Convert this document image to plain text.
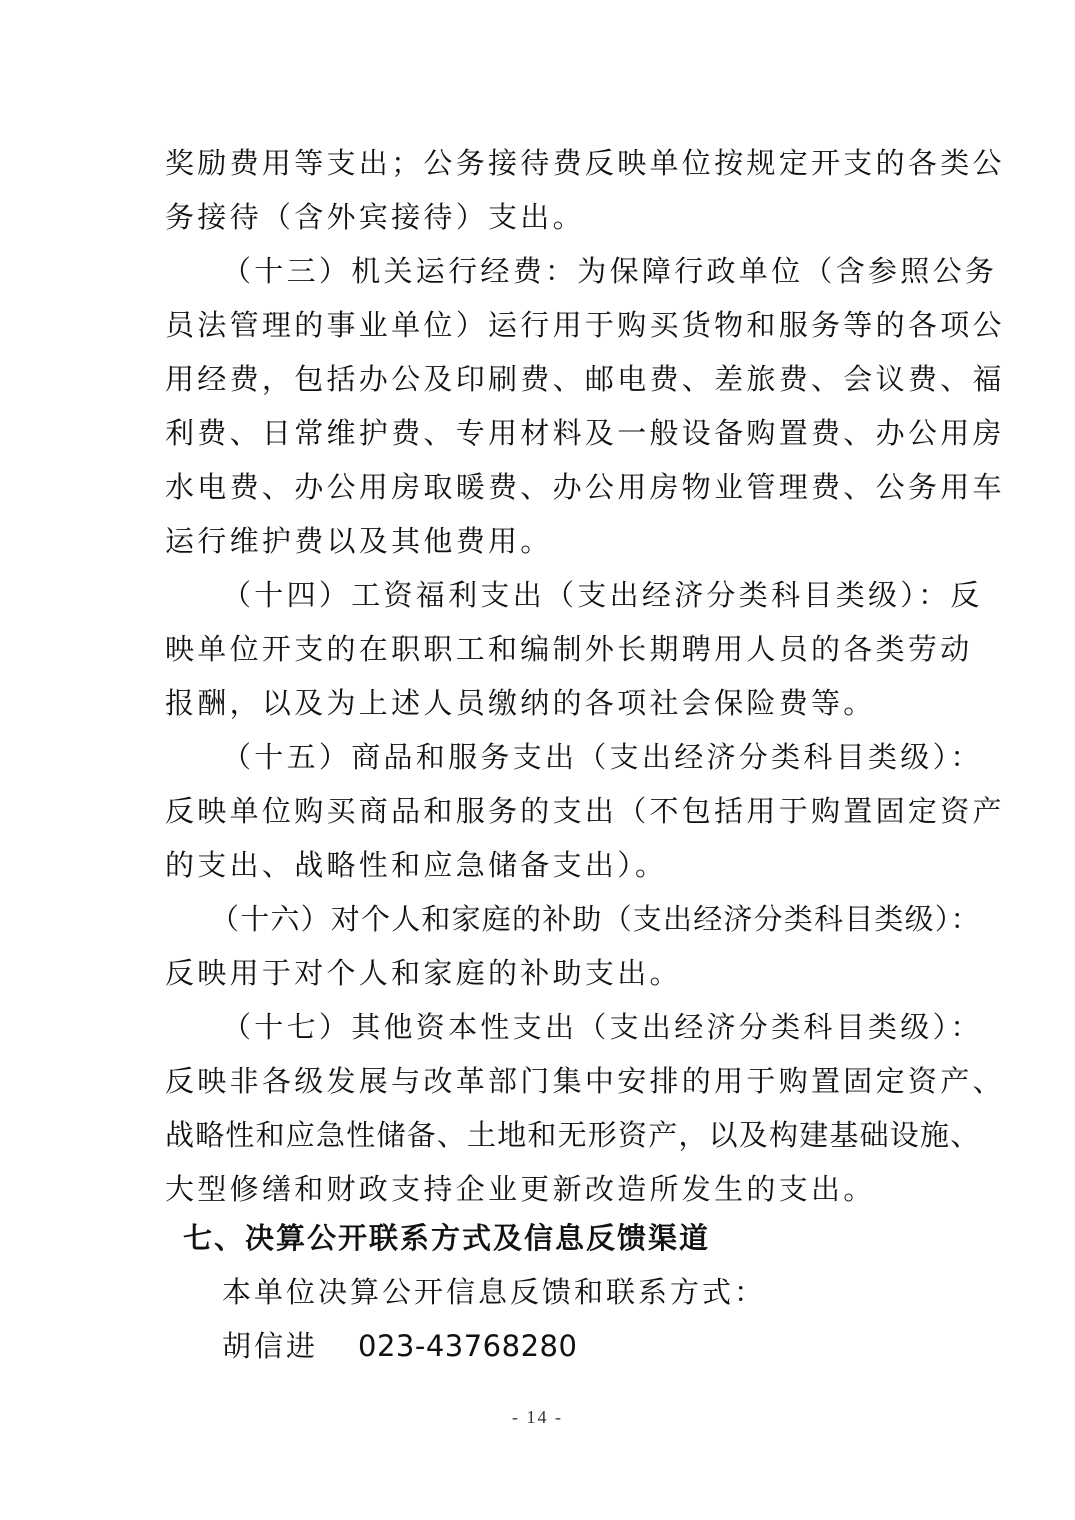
奖励费用等支出；公务接待费反映单位按规定开支的各类公
务接待（含外宾接待）支出。
（十三）机关运行经费：为保障行政单位（含参照公务
员法管理的事业单位）运行用于购买货物和服务等的各项公
用经费，包括办公及印刷费、邮电费、差旅费、会议费、福
利费、日常维护费、专用材料及一般设备购置费、办公用房
水电费、办公用房取暖费、办公用房物业管理费、公务用车
运行维护费以及其他费用。
（十四）工资福利支出（支出经济分类科目类级）：反
映单位开支的在职职工和编制外长期聘用人员的各类劳动
报酬，以及为上述人员缴纳的各项社会保险费等。
（十五）商品和服务支出（支出经济分类科目类级）：
反映单位购买商品和服务的支出（不包括用于购置固定资产
的支出、战略性和应急储备支出）。
（十六）对个人和家庭的补助（支出经济分类科目类级）：
反映用于对个人和家庭的补助支出。
（十七）其他资本性支出（支出经济分类科目类级）：
反映非各级发展与改革部门集中安排的用于购置固定资产、
战略性和应急性储备、土地和无形资产，以及构建基础设施、
大型修缮和财政支持企业更新改造所发生的支出。
七、决算公开联系方式及信息反馈渠道
本单位决算公开信息反馈和联系方式：
胡信进 023-43768280
- 14 -
